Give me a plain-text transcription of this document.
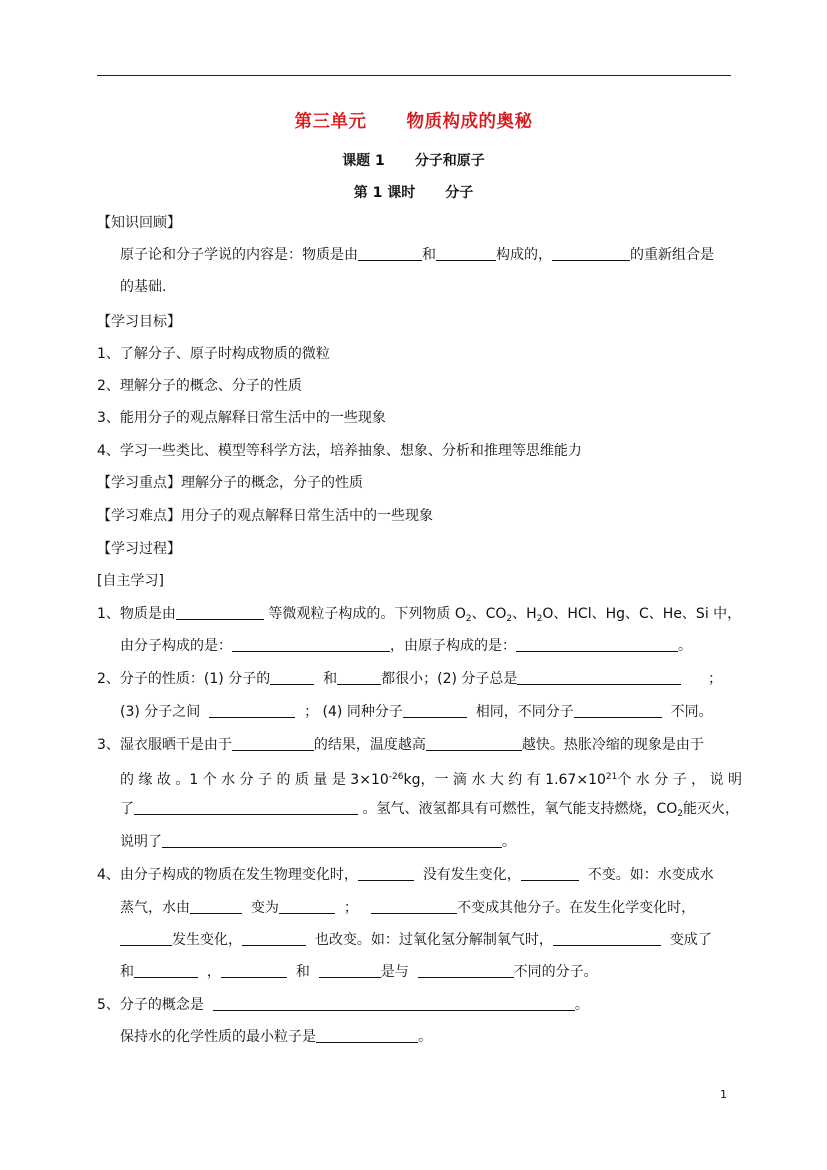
第三单元 物质构成的奥秘
课题 1 分子和原子
第 1 课时 分子
【知识回顾】
原子论和分子学说的内容是：物质是由	和	构成的，	的重新组合是
的基础.
【学习目标】
1、了解分子、原子时构成物质的微粒
2、理解分子的概念、分子的性质
3、能用分子的观点解释日常生活中的一些现象
4、学习一些类比、模型等科学方法，培养抽象、想象、分析和推理等思维能力
【学习重点】理解分子的概念，分子的性质
【学习难点】用分子的观点解释日常生活中的一些现象
【学习过程】
[自主学习]
1、物质是由	等微观粒子构成的。下列物质 $O_2$、$CO_2$、$H_2O$、HCl、Hg、C、He、Si 中，
由分子构成的是：	，由原子构成的是：	。
2、分子的性质：(1) 分子的	和	都很小；(2) 分子总是	；
(3) 分子之间	； (4) 同种分子	相同，不同分子	不同。
3、湿衣服晒干是由于	的结果，温度越高	越快。热胀冷缩的现象是由于
的 缘 故 。1 个 水 分 子 的 质 量 是 $3\times 10^{-26}kg$，一 滴 水 大 约 有 $1.67\times 10^{21}$个 水 分 子 ， 说 明
了	。氢气、液氢都具有可燃性，氧气能支持燃烧，$CO_2$能灭火，
说明了	。
4、由分子构成的物质在发生物理变化时，	没有发生变化，	不变。如：水变成水
蒸气，水由	变为	；	不变成其他分子。在发生化学变化时，
发生变化，	也改变。如：过氧化氢分解制氧气时，	变成了
和	，	和	是与	不同的分子。
5、分子的概念是	。
保持水的化学性质的最小粒子是	。
1
